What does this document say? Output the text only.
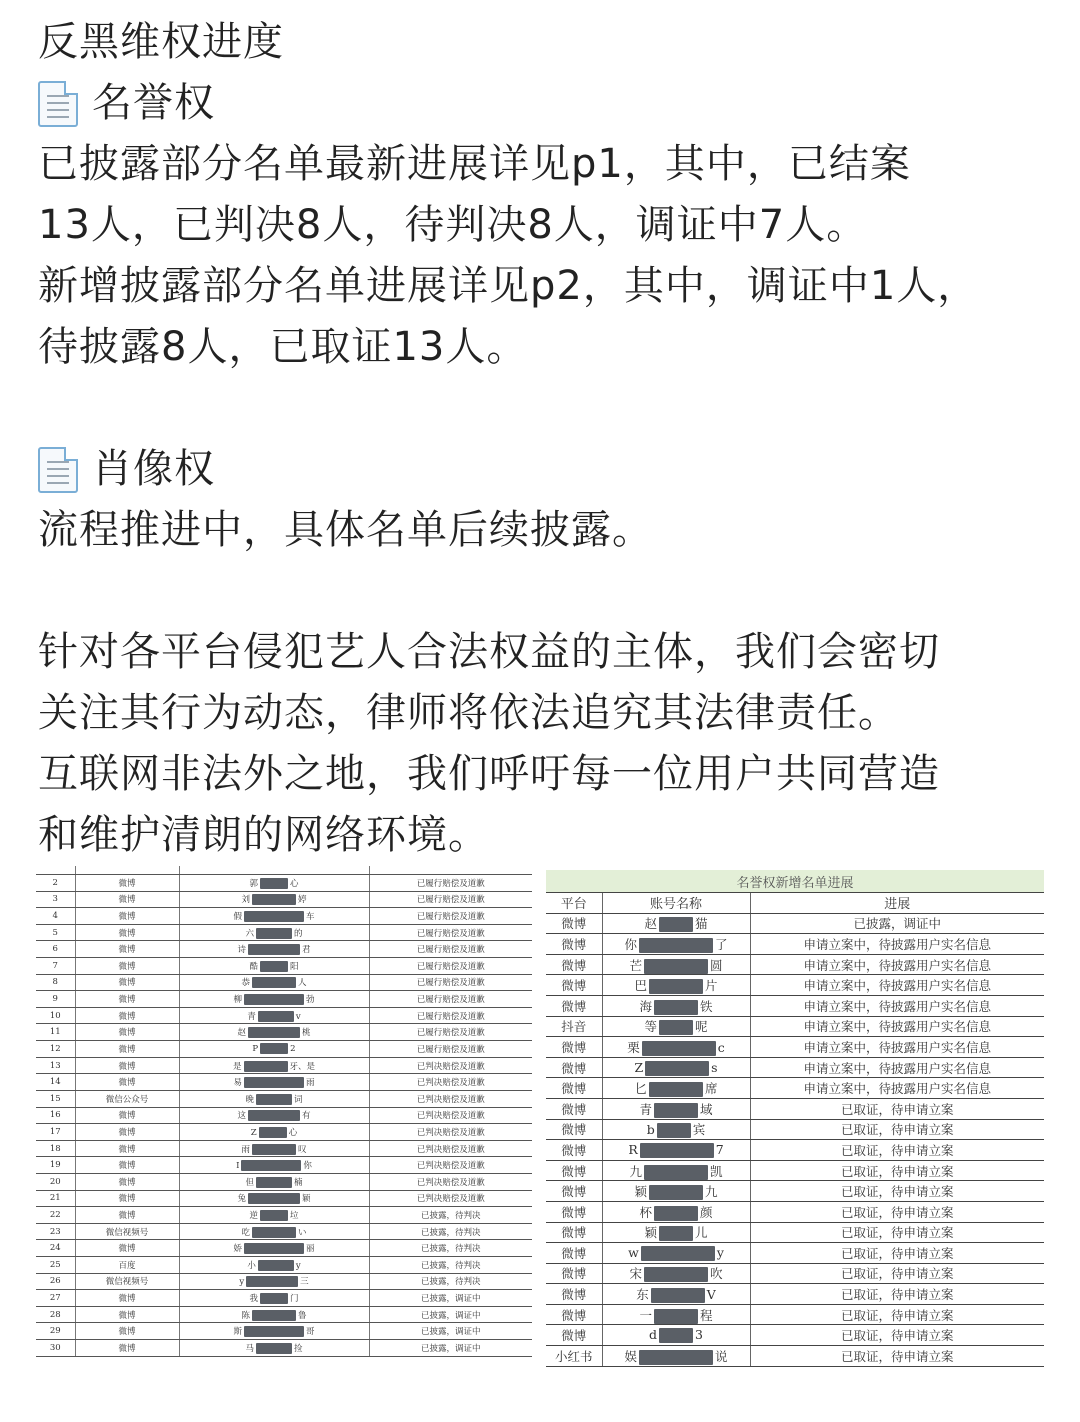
反黑维权进度
名誉权
已披露部分名单最新进展详见p1，其中，已结案
13人，已判决8人，待判决8人，调证中7人。
新增披露部分名单进展详见p2，其中，调证中1人，
待披露8人，已取证13人。
肖像权
流程推进中，具体名单后续披露。
针对各平台侵犯艺人合法权益的主体，我们会密切
关注其行为动态，律师将依法追究其法律责任。
互联网非法外之地，我们呼吁每一位用户共同营造
和维护清朗的网络环境。

2	微博	郭 心	已履行赔偿及道歉
3	微博	刘 婷	已履行赔偿及道歉
4	微博	假 车	已履行赔偿及道歉
5	微博	六 的	已履行赔偿及道歉
6	微博	诗 君	已履行赔偿及道歉
7	微博	酷 阳	已履行赔偿及道歉
8	微博	恭 人	已履行赔偿及道歉
9	微博	柳 勃	已履行赔偿及道歉
10	微博	青 v	已履行赔偿及道歉
11	微博	赵 桃	已履行赔偿及道歉
12	微博	P 2	已履行赔偿及道歉
13	微博	是 牙、是	已判决赔偿及道歉
14	微博	易 雨	已判决赔偿及道歉
15	微信公众号	晚 词	已判决赔偿及道歉
16	微博	这 有	已判决赔偿及道歉
17	微博	Z 心	已判决赔偿及道歉
18	微博	雨 叹	已判决赔偿及道歉
19	微博	I 你	已判决赔偿及道歉
20	微博	但 楠	已判决赔偿及道歉
21	微博	兔 颖	已判决赔偿及道歉
22	微博	逆 垃	已披露，待判决
23	微信视频号	吃 い	已披露，待判决
24	微博	娇 丽	已披露，待判决
25	百度	小 y	已披露，待判决
26	微信视频号	y 三	已披露，待判决
27	微博	我 门	已披露，调证中
28	微博	陈 鲁	已披露，调证中
29	微博	斯 哥	已披露，调证中
30	微博	马 捡	已披露，调证中
名誉权新增名单进展		
平台	账号名称	进展
微博	赵 猫	已披露，调证中
微博	你 了	申请立案中，待披露用户实名信息
微博	芒 圆	申请立案中，待披露用户实名信息
微博	巴 片	申请立案中，待披露用户实名信息
微博	海 铁	申请立案中，待披露用户实名信息
抖音	等 呢	申请立案中，待披露用户实名信息
微博	栗 c	申请立案中，待披露用户实名信息
微博	Z s	申请立案中，待披露用户实名信息
微博	匕 席	申请立案中，待披露用户实名信息
微博	青 域	已取证，待申请立案
微博	b 宾	已取证，待申请立案
微博	R 7	已取证，待申请立案
微博	九 凯	已取证，待申请立案
微博	颖 九	已取证，待申请立案
微博	杯 颜	已取证，待申请立案
微博	颖 儿	已取证，待申请立案
微博	w y	已取证，待申请立案
微博	宋 吹	已取证，待申请立案
微博	东 V	已取证，待申请立案
微博	一 程	已取证，待申请立案
微博	d 3	已取证，待申请立案
小红书	娱 说	已取证，待申请立案
